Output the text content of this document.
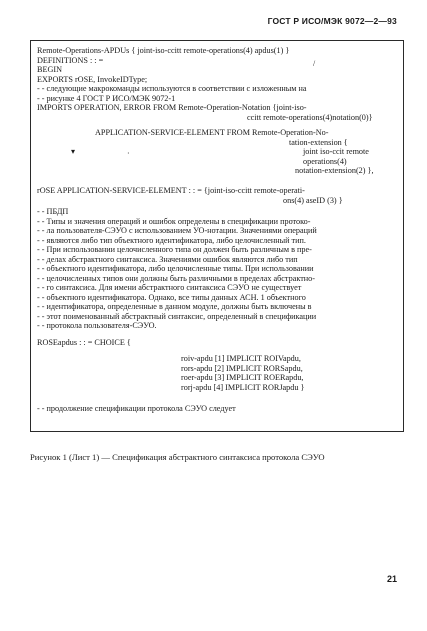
ГОСТ Р ИСО/МЭК 9072—2—93
Remote-Operations-APDUs { joint-iso-ccitt remote-operations(4) apdus(1) }
DEFINITIONS : : =
BEGIN
EXPORTS rOSE, InvokeIDType;
- - следующие макрокоманды используются в соответствии с изложенным на
- - рисунке 4 ГОСТ Р ИСО/МЭК 9072-1
IMPORTS OPERATION, ERROR FROM Remote-Operation-Notation {joint-iso-
ccitt remote-operations(4)notation(0)}
APPLICATION-SERVICE-ELEMENT FROM Remote-Operation-No-
tation-extension {
joint iso-ccit remote
operations(4)
notation-extension(2) },
▾	·
/
rOSE APPLICATION-SERVICE-ELEMENT : : = {joint-iso-ccitt remote-operati-
ons(4) aseID (3) }
- - ПБДП
- - Типы и значения операций и ошибок определены в спецификации протоко-
- - ла пользователя-СЭУО с использованием УО-нотации. Значениями операций
- - являются либо тип объектного идентификатора, либо целочисленный тип.
- - При использовании целочисленного типа он должен быть различным в пре-
- - делах абстрактного синтаксиса. Значениями ошибок являются либо тип
- - объектного идентификатора, либо целочисленные типы. При использовании
- - целочисленных типов они должны быть различными в пределах абстрактно-
- - го синтаксиса. Для имени абстрактного синтаксиса СЭУО не существует
- - объектного идентификатора. Однако, все типы данных АСН. 1 объектного
- - идентификатора, определенные в данном модуле, должны быть включены в
- - этот поименованный абстрактный синтаксис, определенный в спецификации
- - протокола пользователя-СЭУО.
ROSEapdus : : = CHOICE {
roiv-apdu [1] IMPLICIT ROIVapdu,
rors-apdu [2] IMPLICIT RORSapdu,
roer-apdu [3] IMPLICIT ROERapdu,
rorj-apdu [4] IMPLICIT RORJapdu }
- - продолжение спецификации протокола СЭУО следует
Рисунок 1 (Лист 1) — Спецификация абстрактного синтаксиса протокола СЭУО
21
